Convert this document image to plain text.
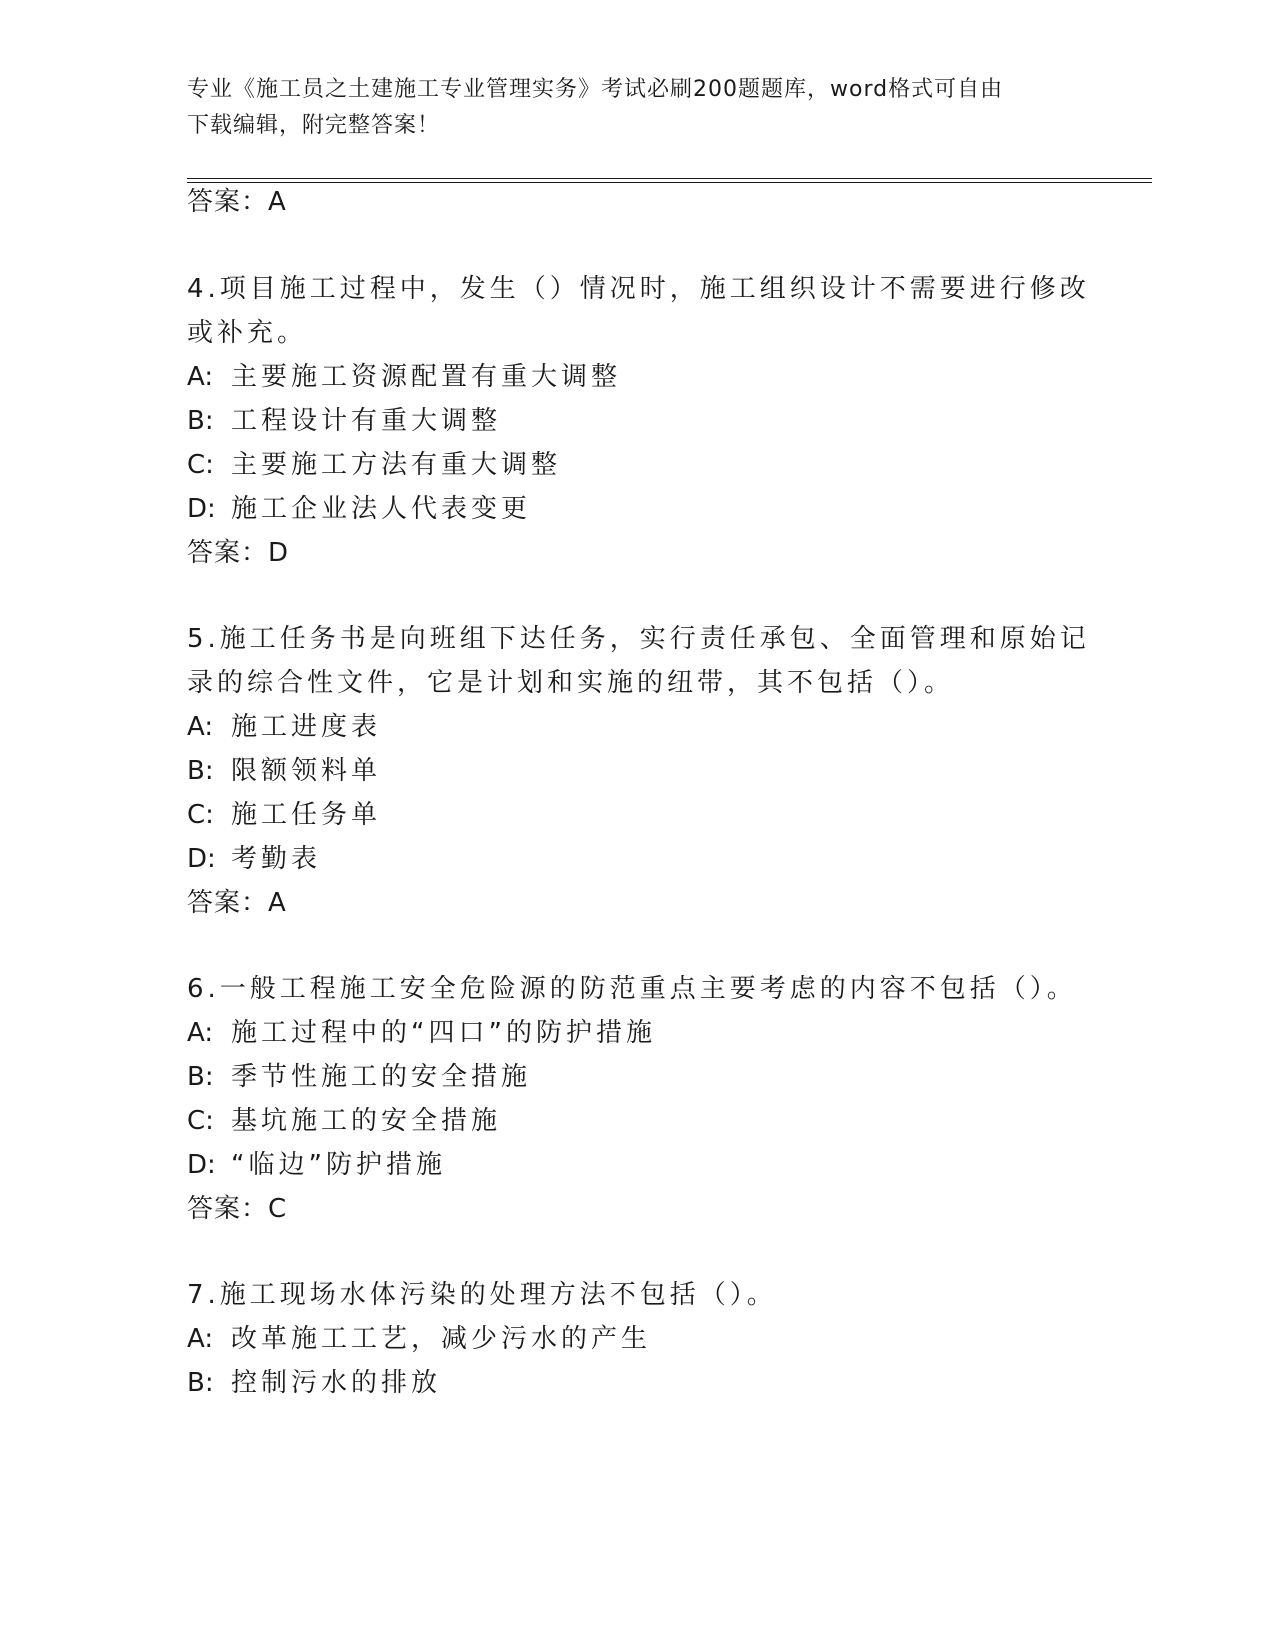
专业《施工员之土建施工专业管理实务》考试必刷200题题库，word格式可自由
下载编辑，附完整答案！
答案：A
4.项目施工过程中，发生（）情况时，施工组织设计不需要进行修改
或补充。
A: 主要施工资源配置有重大调整
B: 工程设计有重大调整
C: 主要施工方法有重大调整
D: 施工企业法人代表变更
答案：D
5.施工任务书是向班组下达任务，实行责任承包、全面管理和原始记
录的综合性文件，它是计划和实施的纽带，其不包括（）。
A: 施工进度表
B: 限额领料单
C: 施工任务单
D: 考勤表
答案：A
6.一般工程施工安全危险源的防范重点主要考虑的内容不包括（）。
A: 施工过程中的“四口”的防护措施
B: 季节性施工的安全措施
C: 基坑施工的安全措施
D: “临边”防护措施
答案：C
7.施工现场水体污染的处理方法不包括（）。
A: 改革施工工艺，减少污水的产生
B: 控制污水的排放
